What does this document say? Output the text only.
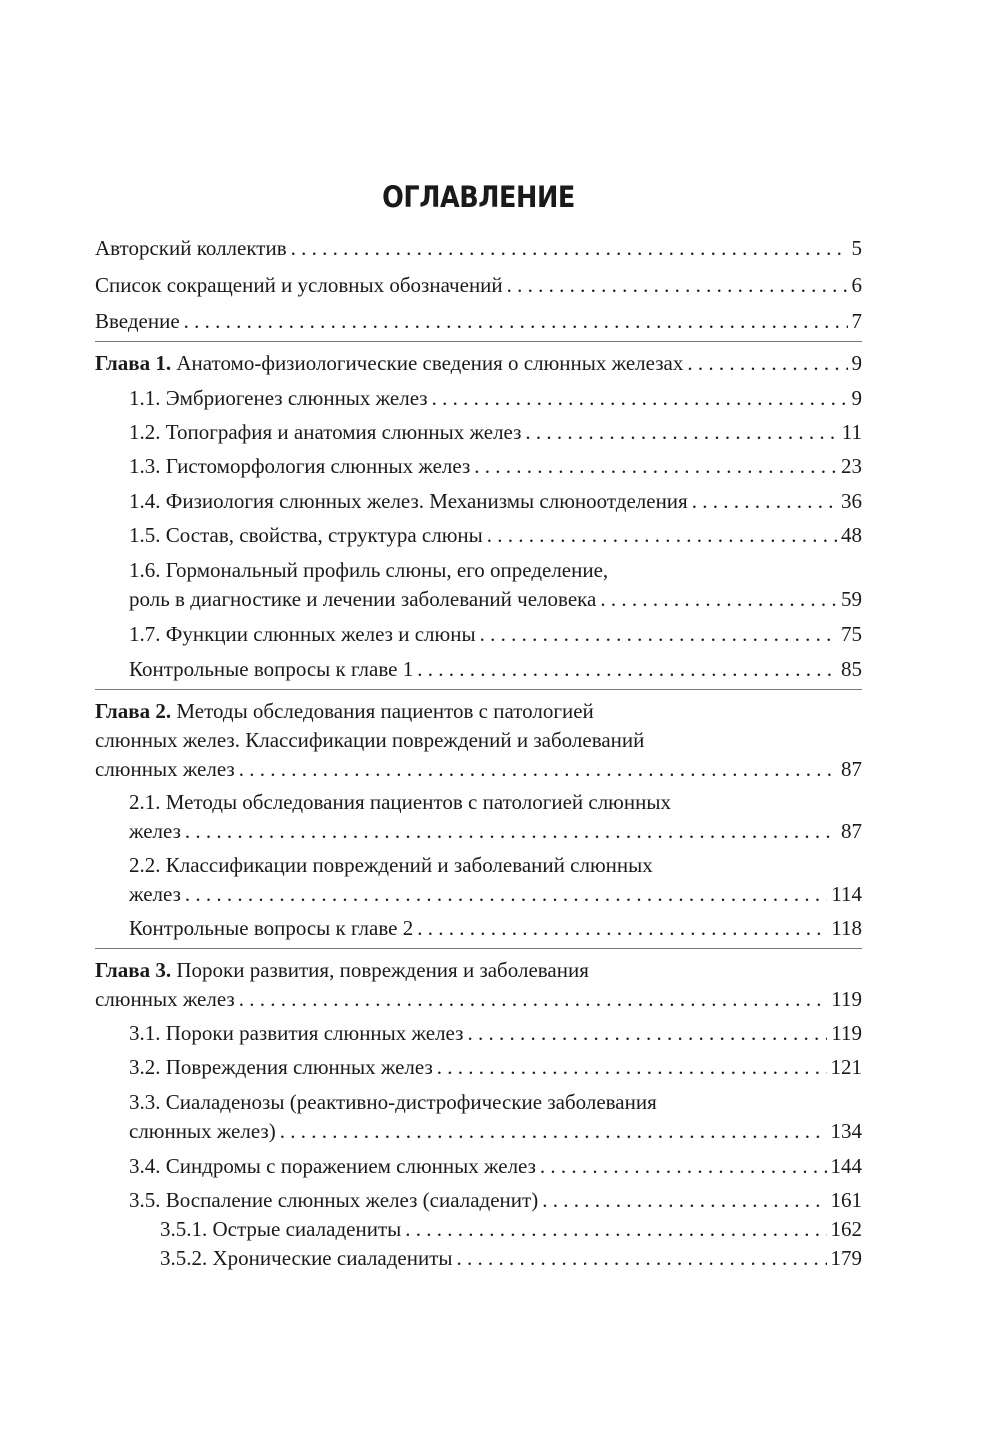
ОГЛАВЛЕНИЕ
Авторский коллектив . . .	5
Список сокращений и условных обозначений . . .	6
Введение . . .	7
Глава 1. Анатомо-физиологические сведения о слюнных железах . . .	9
1.1. Эмбриогенез слюнных желез . . .	9
1.2. Топография и анатомия слюнных желез . . .	11
1.3. Гистоморфология слюнных желез . . .	23
1.4. Физиология слюнных желез. Механизмы слюноотделения . . .	36
1.5. Состав, свойства, структура слюны . . .	48
1.6. Гормональный профиль слюны, его определение,
роль в диагностике и лечении заболеваний человека . . .	59
1.7. Функции слюнных желез и слюны . . .	75
Контрольные вопросы к главе 1 . . .	85
Глава 2. Методы обследования пациентов с патологией
слюнных желез. Классификации повреждений и заболеваний
слюнных желез . . .	87
2.1. Методы обследования пациентов с патологией слюнных
желез . . .	87
2.2. Классификации повреждений и заболеваний слюнных
желез . . .	114
Контрольные вопросы к главе 2 . . .	118
Глава 3. Пороки развития, повреждения и заболевания
слюнных желез . . .	119
3.1. Пороки развития слюнных желез . . .	119
3.2. Повреждения слюнных желез . . .	121
3.3. Сиаладенозы (реактивно-дистрофические заболевания
слюнных желез) . . .	134
3.4. Синдромы с поражением слюнных желез . . .	144
3.5. Воспаление слюнных желез (сиаладенит) . . .	161
3.5.1. Острые сиаладениты . . .	162
3.5.2. Хронические сиаладениты . . .	179
